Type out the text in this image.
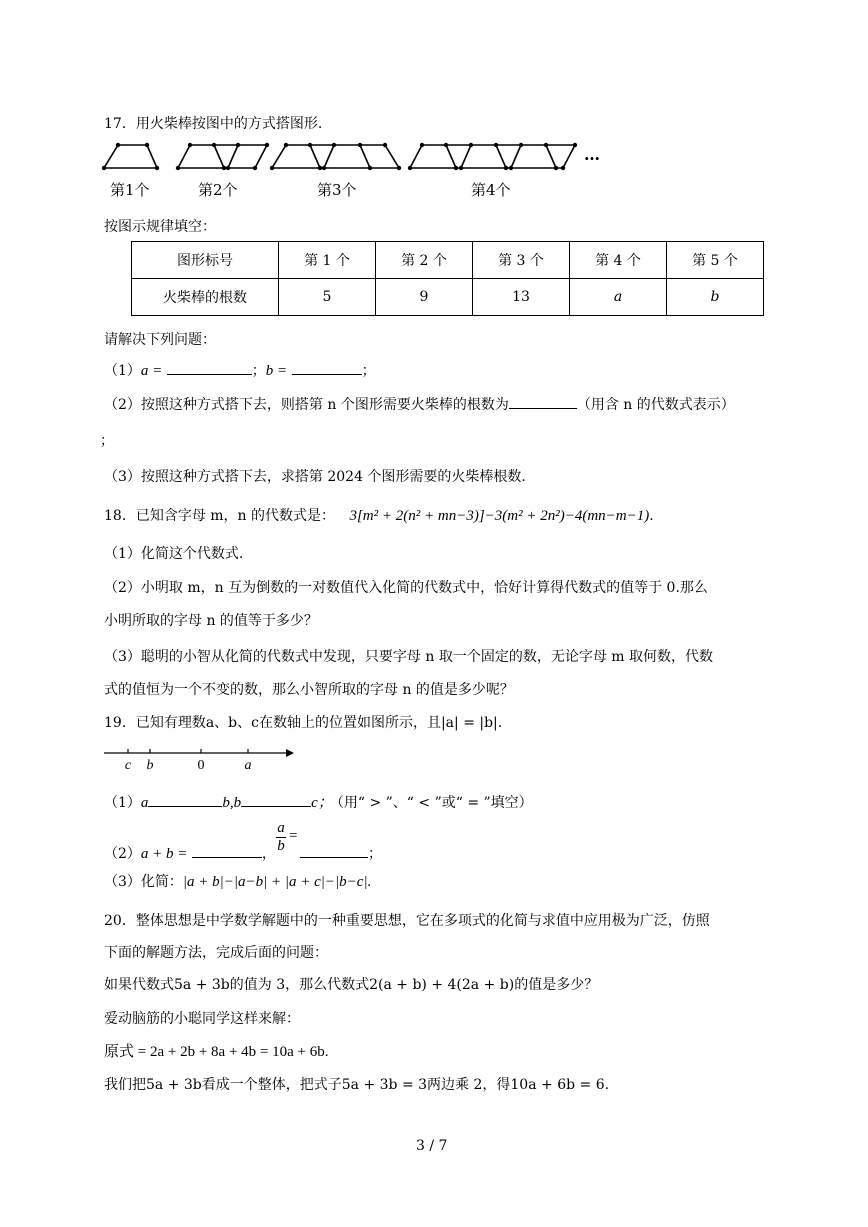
17．用火柴棒按图中的方式搭图形.
…
第1个	第2个	第3个	第4个
按图示规律填空：
图形标号	第 1 个	第 2 个	第 3 个	第 4 个	第 5 个
火柴棒的根数	5	9	13	a	b
请解决下列问题：
（1）a =	；b =	；
（2）按照这种方式搭下去，则搭第 n 个图形需要火柴棒的根数为	（用含 n 的代数式表示）
；
（3）按照这种方式搭下去，求搭第 2024 个图形需要的火柴棒根数.
18．已知含字母 m，n 的代数式是： 3[m² + 2(n² + mn−3)]−3(m² + 2n²)−4(mn−m−1).
（1）化简这个代数式.
（2）小明取 m，n 互为倒数的一对数值代入化简的代数式中，恰好计算得代数式的值等于 0.那么
小明所取的字母 n 的值等于多少？
（3）聪明的小智从化简的代数式中发现，只要字母 n 取一个固定的数，无论字母 m 取何数，代数
式的值恒为一个不变的数，那么小智所取的字母 n 的值是多少呢？
19．已知有理数a、b、c在数轴上的位置如图所示，且|a| = |b|.
c b	0	a
（1）a	b,b	c； （用“ > ”、“ < ”或“ = ”填空）
（2）a + b =	，
a
b
=
；
（3）化简：|a + b|−|a−b| + |a + c|−|b−c|.
20．整体思想是中学数学解题中的一种重要思想，它在多项式的化简与求值中应用极为广泛，仿照
下面的解题方法，完成后面的问题：
如果代数式5a + 3b的值为 3，那么代数式2(a + b) + 4(2a + b)的值是多少？
爱动脑筋的小聪同学这样来解：
原式 = 2a + 2b + 8a + 4b = 10a + 6b.
我们把5a + 3b看成一个整体，把式子5a + 3b = 3两边乘 2，得10a + 6b = 6.
3 / 7
